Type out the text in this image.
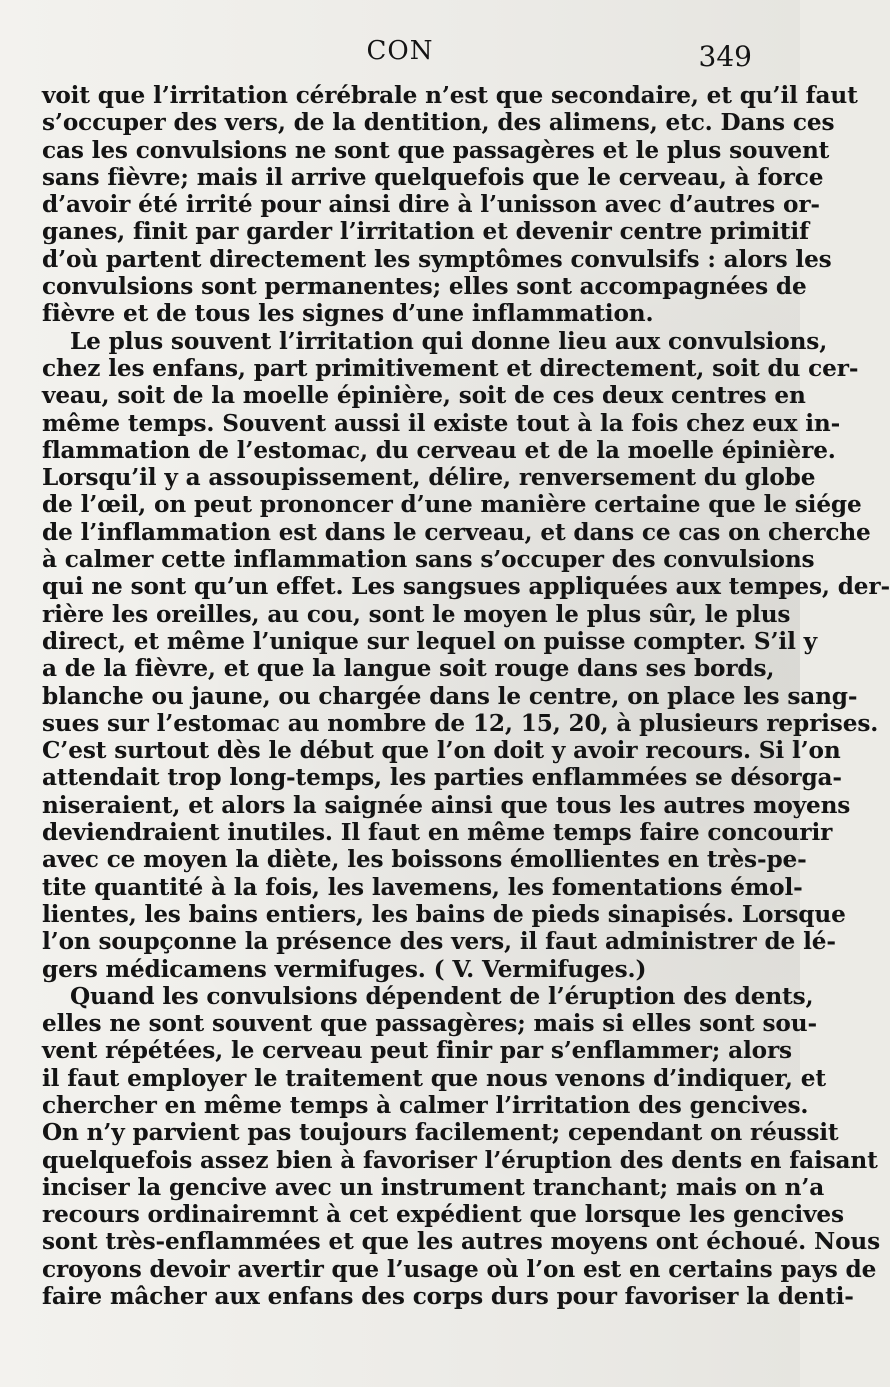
CON	349

voit que l’irritation cérébrale n’est que secondaire, et qu’il faut
s’occuper des vers, de la dentition, des alimens, etc. Dans ces
cas les convulsions ne sont que passagères et le plus souvent
sans fièvre; mais il arrive quelquefois que le cerveau, à force
d’avoir été irrité pour ainsi dire à l’unisson avec d’autres or-
ganes, finit par garder l’irritation et devenir centre primitif
d’où partent directement les symptômes convulsifs : alors les
convulsions sont permanentes; elles sont accompagnées de
fièvre et de tous les signes d’une inflammation.

Le plus souvent l’irritation qui donne lieu aux convulsions,
chez les enfans, part primitivement et directement, soit du cer-
veau, soit de la moelle épinière, soit de ces deux centres en
même temps. Souvent aussi il existe tout à la fois chez eux in-
flammation de l’estomac, du cerveau et de la moelle épinière.
Lorsqu’il y a assoupissement, délire, renversement du globe
de l’œil, on peut prononcer d’une manière certaine que le siége
de l’inflammation est dans le cerveau, et dans ce cas on cherche
à calmer cette inflammation sans s’occuper des convulsions
qui ne sont qu’un effet. Les sangsues appliquées aux tempes, der-
rière les oreilles, au cou, sont le moyen le plus sûr, le plus
direct, et même l’unique sur lequel on puisse compter. S’il y
a de la fièvre, et que la langue soit rouge dans ses bords,
blanche ou jaune, ou chargée dans le centre, on place les sang-
sues sur l’estomac au nombre de 12, 15, 20, à plusieurs reprises.
C’est surtout dès le début que l’on doit y avoir recours. Si l’on
attendait trop long-temps, les parties enflammées se désorga-
niseraient, et alors la saignée ainsi que tous les autres moyens
deviendraient inutiles. Il faut en même temps faire concourir
avec ce moyen la diète, les boissons émollientes en très-pe-
tite quantité à la fois, les lavemens, les fomentations émol-
lientes, les bains entiers, les bains de pieds sinapisés. Lorsque
l’on soupçonne la présence des vers, il faut administrer de lé-
gers médicamens vermifuges. ( V. Vermifuges.)

Quand les convulsions dépendent de l’éruption des dents,
elles ne sont souvent que passagères; mais si elles sont sou-
vent répétées, le cerveau peut finir par s’enflammer; alors
il faut employer le traitement que nous venons d’indiquer, et
chercher en même temps à calmer l’irritation des gencives.
On n’y parvient pas toujours facilement; cependant on réussit
quelquefois assez bien à favoriser l’éruption des dents en faisant
inciser la gencive avec un instrument tranchant; mais on n’a
recours ordinairemnt à cet expédient que lorsque les gencives
sont très-enflammées et que les autres moyens ont échoué. Nous
croyons devoir avertir que l’usage où l’on est en certains pays de
faire mâcher aux enfans des corps durs pour favoriser la denti-
